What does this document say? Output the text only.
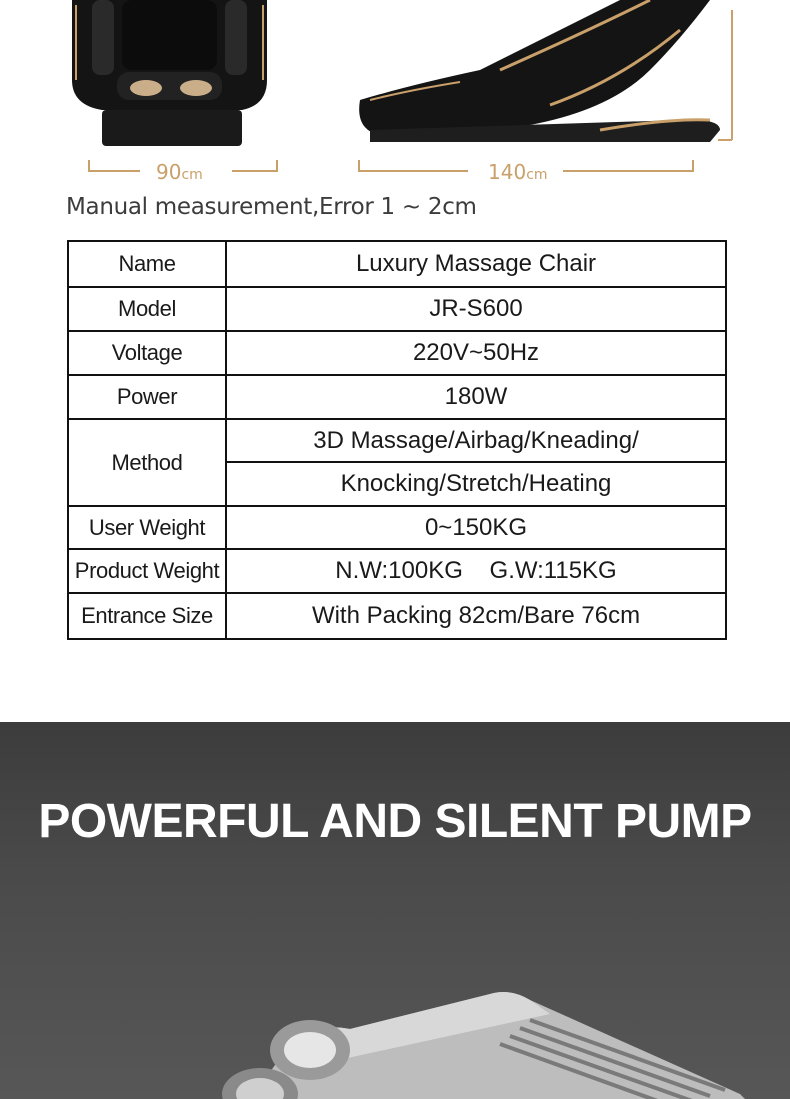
90cm	140cm
Manual measurement,Error 1 ~ 2cm
Name	Luxury Massage Chair
Model	JR-S600
Voltage	220V~50Hz
Power	180W
Method	3D Massage/Airbag/Kneading/
	Knocking/Stretch/Heating
User Weight	0~150KG
Product Weight	N.W:100KG    G.W:115KG
Entrance Size	With Packing 82cm/Bare 76cm
POWERFUL AND SILENT PUMP
